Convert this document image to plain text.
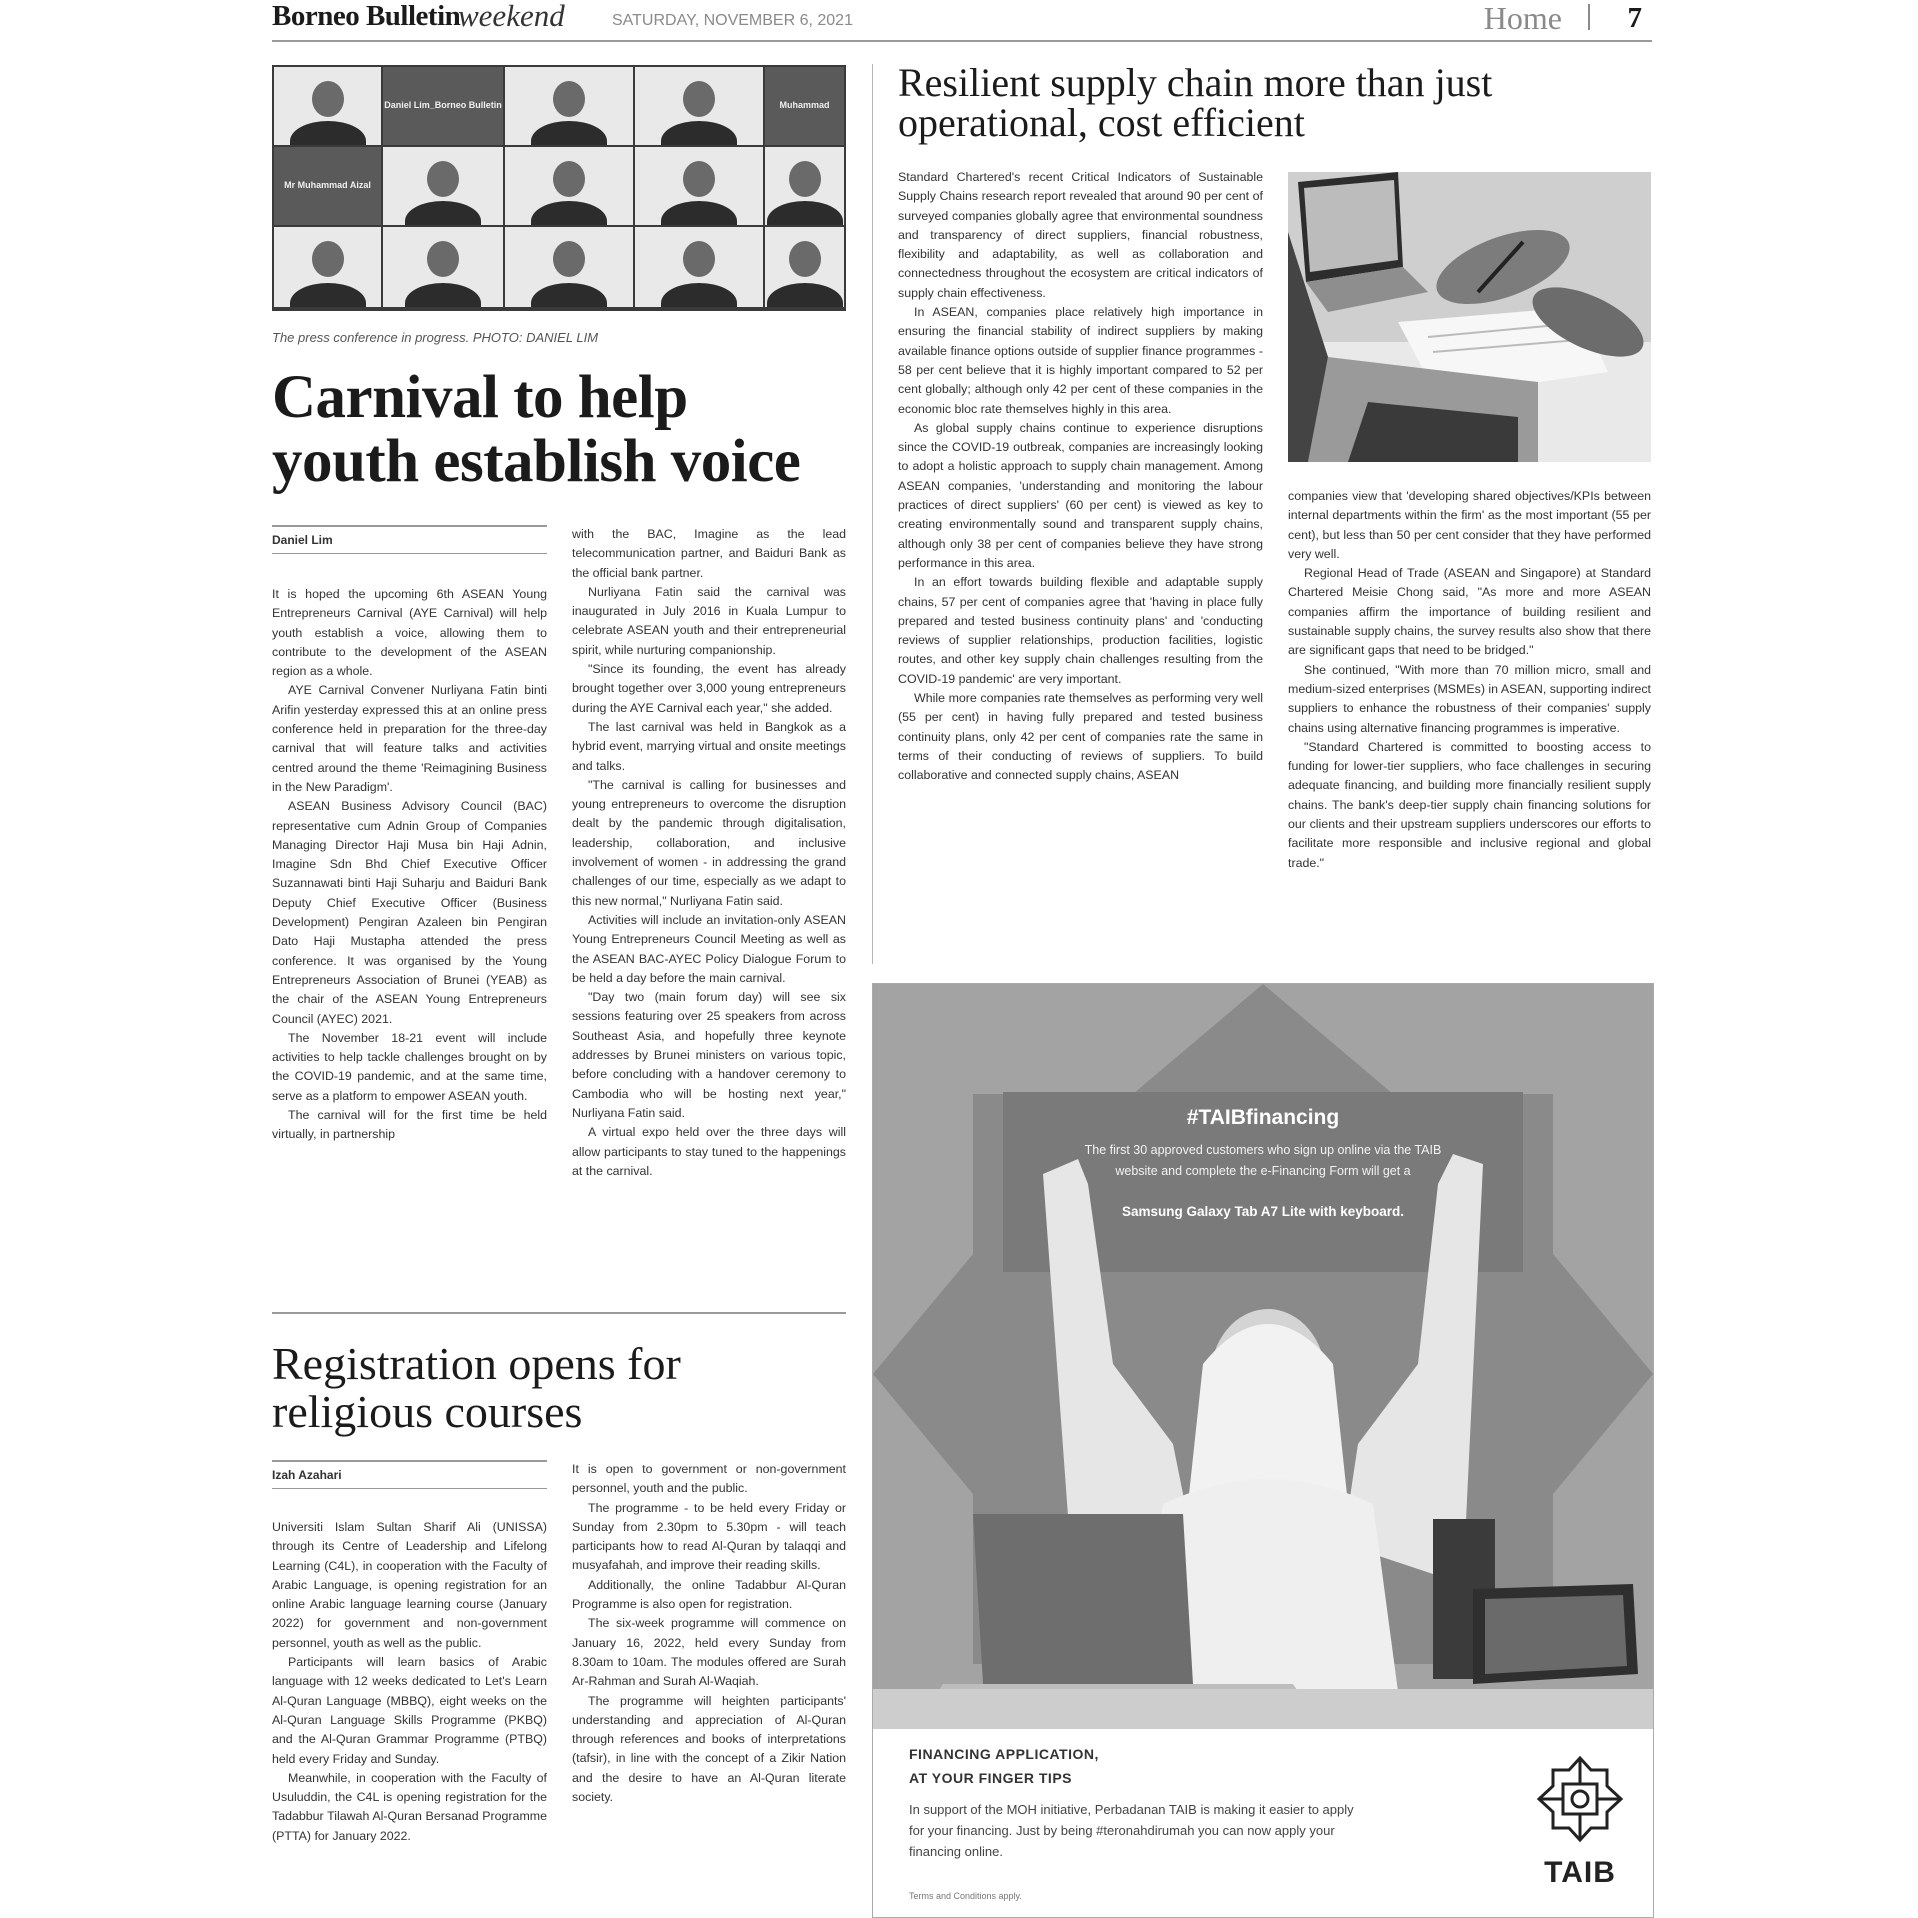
Borneo Bulletin
weekend	SATURDAY, NOVEMBER 6, 2021	Home 7
Daniel Lim_Borneo Bulletin	Muhammad
Mr Muhammad Aizal
The press conference in progress. PHOTO: DANIEL LIM
Carnival to help youth establish voice
Daniel Lim

It is hoped the upcoming 6th ASEAN Young Entrepreneurs Carnival (AYE Carnival) will help youth establish a voice, allowing them to contribute to the development of the ASEAN region as a whole.

AYE Carnival Convener Nurliyana Fatin binti Arifin yesterday expressed this at an online press conference held in preparation for the three-day carnival that will feature talks and activities centred around the theme 'Reimagining Business in the New Paradigm'.

ASEAN Business Advisory Council (BAC) representative cum Adnin Group of Companies Managing Director Haji Musa bin Haji Adnin, Imagine Sdn Bhd Chief Executive Officer Suzannawati binti Haji Suharju and Baiduri Bank Deputy Chief Executive Officer (Business Development) Pengiran Azaleen bin Pengiran Dato Haji Mustapha attended the press conference. It was organised by the Young Entrepreneurs Association of Brunei (YEAB) as the chair of the ASEAN Young Entrepreneurs Council (AYEC) 2021.

The November 18-21 event will include activities to help tackle challenges brought on by the COVID-19 pandemic, and at the same time, serve as a platform to empower ASEAN youth.

The carnival will for the first time be held virtually, in partnership

with the BAC, Imagine as the lead telecommunication partner, and Baiduri Bank as the official bank partner.

Nurliyana Fatin said the carnival was inaugurated in July 2016 in Kuala Lumpur to celebrate ASEAN youth and their entrepreneurial spirit, while nurturing companionship.

"Since its founding, the event has already brought together over 3,000 young entrepreneurs during the AYE Carnival each year," she added.

The last carnival was held in Bangkok as a hybrid event, marrying virtual and onsite meetings and talks.

"The carnival is calling for businesses and young entrepreneurs to overcome the disruption dealt by the pandemic through digitalisation, leadership, collaboration, and inclusive involvement of women - in addressing the grand challenges of our time, especially as we adapt to this new normal," Nurliyana Fatin said.

Activities will include an invitation-only ASEAN Young Entrepreneurs Council Meeting as well as the ASEAN BAC-AYEC Policy Dialogue Forum to be held a day before the main carnival.

"Day two (main forum day) will see six sessions featuring over 25 speakers from across Southeast Asia, and hopefully three keynote addresses by Brunei ministers on various topic, before concluding with a handover ceremony to Cambodia who will be hosting next year," Nurliyana Fatin said.

A virtual expo held over the three days will allow participants to stay tuned to the happenings at the carnival.

Registration opens for religious courses
Izah Azahari

Universiti Islam Sultan Sharif Ali (UNISSA) through its Centre of Leadership and Lifelong Learning (C4L), in cooperation with the Faculty of Arabic Language, is opening registration for an online Arabic language learning course (January 2022) for government and non-government personnel, youth as well as the public.

Participants will learn basics of Arabic language with 12 weeks dedicated to Let's Learn Al-Quran Language (MBBQ), eight weeks on the Al-Quran Language Skills Programme (PKBQ) and the Al-Quran Grammar Programme (PTBQ) held every Friday and Sunday.

Meanwhile, in cooperation with the Faculty of Usuluddin, the C4L is opening registration for the Tadabbur Tilawah Al-Quran Bersanad Programme (PTTA) for January 2022.

It is open to government or non-government personnel, youth and the public.

The programme - to be held every Friday or Sunday from 2.30pm to 5.30pm - will teach participants how to read Al-Quran by talaqqi and musyafahah, and improve their reading skills.

Additionally, the online Tadabbur Al-Quran Programme is also open for registration.

The six-week programme will commence on January 16, 2022, held every Sunday from 8.30am to 10am. The modules offered are Surah Ar-Rahman and Surah Al-Waqiah.

The programme will heighten participants' understanding and appreciation of Al-Quran through references and books of interpretations (tafsir), in line with the concept of a Zikir Nation and the desire to have an Al-Quran literate society.

Resilient supply chain more than just operational, cost efficient

Standard Chartered's recent Critical Indicators of Sustainable Supply Chains research report revealed that around 90 per cent of surveyed companies globally agree that environmental soundness and transparency of direct suppliers, financial robustness, flexibility and adaptability, as well as collaboration and connectedness throughout the ecosystem are critical indicators of supply chain effectiveness.

In ASEAN, companies place relatively high importance in ensuring the financial stability of indirect suppliers by making available finance options outside of supplier finance programmes - 58 per cent believe that it is highly important compared to 52 per cent globally; although only 42 per cent of these companies in the economic bloc rate themselves highly in this area.

As global supply chains continue to experience disruptions since the COVID-19 outbreak, companies are increasingly looking to adopt a holistic approach to supply chain management. Among ASEAN companies, 'understanding and monitoring the labour practices of direct suppliers' (60 per cent) is viewed as key to creating environmentally sound and transparent supply chains, although only 38 per cent of companies believe they have strong performance in this area.

In an effort towards building flexible and adaptable supply chains, 57 per cent of companies agree that 'having in place fully prepared and tested business continuity plans' and 'conducting reviews of supplier relationships, production facilities, logistic routes, and other key supply chain challenges resulting from the COVID-19 pandemic' are very important.

While more companies rate themselves as performing very well (55 per cent) in having fully prepared and tested business continuity plans, only 42 per cent of companies rate the same in terms of their conducting of reviews of suppliers. To build collaborative and connected supply chains, ASEAN

companies view that 'developing shared objectives/KPIs between internal departments within the firm' as the most important (55 per cent), but less than 50 per cent consider that they have performed very well.

Regional Head of Trade (ASEAN and Singapore) at Standard Chartered Meisie Chong said, "As more and more ASEAN companies affirm the importance of building resilient and sustainable supply chains, the survey results also show that there are significant gaps that need to be bridged."

She continued, "With more than 70 million micro, small and medium-sized enterprises (MSMEs) in ASEAN, supporting indirect suppliers to enhance the robustness of their companies' supply chains using alternative financing programmes is imperative.

"Standard Chartered is committed to boosting access to funding for lower-tier suppliers, who face challenges in securing adequate financing, and building more financially resilient supply chains. The bank's deep-tier supply chain financing solutions for our clients and their upstream suppliers underscores our efforts to facilitate more responsible and inclusive regional and global trade."

#TAIBfinancing
The first 30 approved customers who sign up online via the TAIB website and complete the e-Financing Form will get a
Samsung Galaxy Tab A7 Lite with keyboard.
FINANCING APPLICATION,
AT YOUR FINGER TIPS
In support of the MOH initiative, Perbadanan TAIB is making it easier to apply for your financing. Just by being #teronahdirumah you can now apply your financing online.
Terms and Conditions apply.
TAIB
